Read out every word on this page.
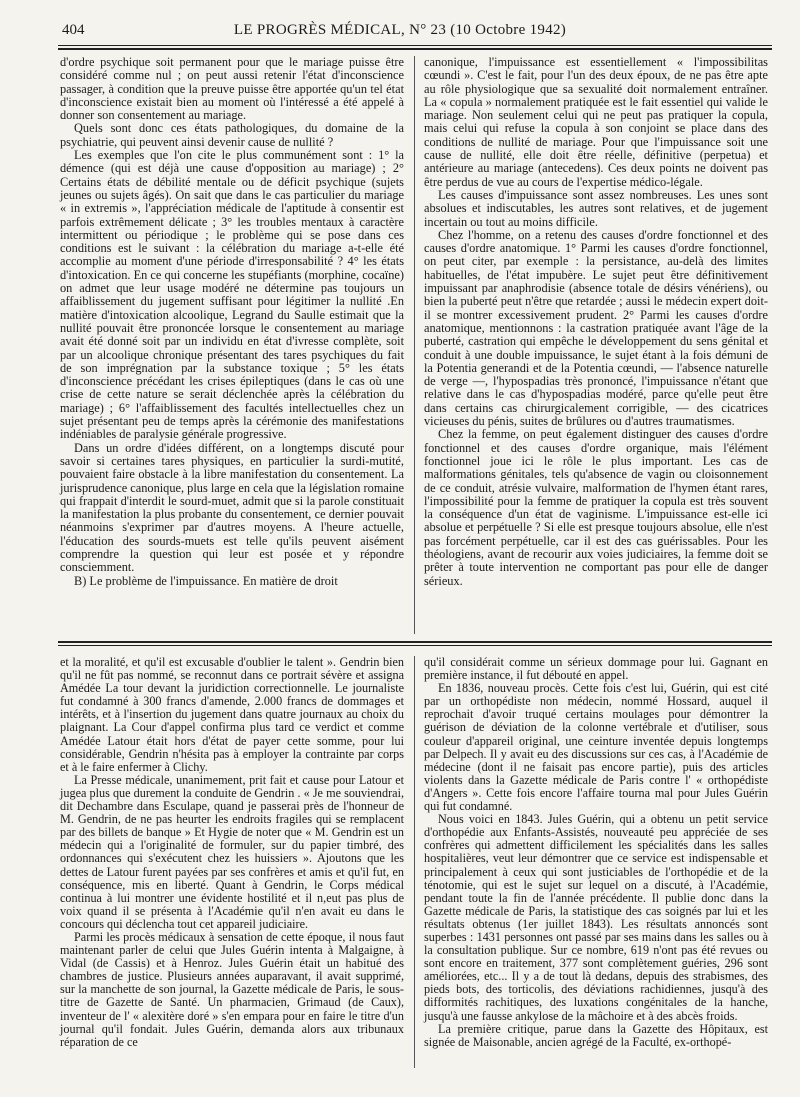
404	LE PROGRÈS MÉDICAL, N° 23 (10 Octobre 1942)

d'ordre psychique soit permanent pour que le mariage puisse être considéré comme nul ; on peut aussi retenir l'état d'inconscience passager, à condition que la preuve puisse être apportée qu'un tel état d'inconscience existait bien au moment où l'intéressé a été appelé à donner son consentement au mariage.

Quels sont donc ces états pathologiques, du domaine de la psychiatrie, qui peuvent ainsi devenir cause de nullité ?

Les exemples que l'on cite le plus communément sont : 1° la démence (qui est déjà une cause d'opposition au mariage) ; 2° Certains états de débilité mentale ou de déficit psychique (sujets jeunes ou sujets âgés). On sait que dans le cas particulier du mariage « in extremis », l'appréciation médicale de l'aptitude à consentir est parfois extrêmement délicate ; 3° les troubles mentaux à caractère intermittent ou périodique ; le problème qui se pose dans ces conditions est le suivant : la célébration du mariage a-t-elle été accomplie au moment d'une période d'irresponsabilité ? 4° les états d'intoxication. En ce qui concerne les stupéfiants (morphine, cocaïne) on admet que leur usage modéré ne détermine pas toujours un affaiblissement du jugement suffisant pour légitimer la nullité .En matière d'intoxication alcoolique, Legrand du Saulle estimait que la nullité pouvait être prononcée lorsque le consentement au mariage avait été donné soit par un individu en état d'ivresse complète, soit par un alcoolique chronique présentant des tares psychiques du fait de son imprégnation par la substance toxique ; 5° les états d'inconscience précédant les crises épileptiques (dans le cas où une crise de cette nature se serait déclenchée après la célébration du mariage) ; 6° l'affaiblissement des facultés intellectuelles chez un sujet présentant peu de temps après la cérémonie des manifestations indéniables de paralysie générale progressive.

Dans un ordre d'idées différent, on a longtemps discuté pour savoir si certaines tares physiques, en particulier la surdi-mutité, pouvaient faire obstacle à la libre manifestation du consentement. La jurisprudence canonique, plus large en cela que la législation romaine qui frappait d'interdit le sourd-muet, admit que si la parole constituait la manifestation la plus probante du consentement, ce dernier pouvait néanmoins s'exprimer par d'autres moyens. A l'heure actuelle, l'éducation des sourds-muets est telle qu'ils peuvent aisément comprendre la question qui leur est posée et y répondre consciemment.

B) Le problème de l'impuissance. En matière de droit

canonique, l'impuissance est essentiellement « l'impossibilitas cœundi ». C'est le fait, pour l'un des deux époux, de ne pas être apte au rôle physiologique que sa sexualité doit normalement entraîner. La « copula » normalement pratiquée est le fait essentiel qui valide le mariage. Non seulement celui qui ne peut pas pratiquer la copula, mais celui qui refuse la copula à son conjoint se place dans des conditions de nullité de mariage. Pour que l'impuissance soit une cause de nullité, elle doit être réelle, définitive (perpetua) et antérieure au mariage (antecedens). Ces deux points ne doivent pas être perdus de vue au cours de l'expertise médico-légale.

Les causes d'impuissance sont assez nombreuses. Les unes sont absolues et indiscutables, les autres sont relatives, et de jugement incertain ou tout au moins difficile.

Chez l'homme, on a retenu des causes d'ordre fonctionnel et des causes d'ordre anatomique. 1° Parmi les causes d'ordre fonctionnel, on peut citer, par exemple : la persistance, au-delà des limites habituelles, de l'état impubère. Le sujet peut être définitivement impuissant par anaphrodisie (absence totale de désirs vénériens), ou bien la puberté peut n'être que retardée ; aussi le médecin expert doit-il se montrer excessivement prudent. 2° Parmi les causes d'ordre anatomique, mentionnons : la castration pratiquée avant l'âge de la puberté, castration qui empêche le développement du sens génital et conduit à une double impuissance, le sujet étant à la fois démuni de la Potentia generandi et de la Potentia cœundi, — l'absence naturelle de verge —, l'hypospadias très prononcé, l'impuissance n'étant que relative dans le cas d'hypospadias modéré, parce qu'elle peut être dans certains cas chirurgicalement corrigible, — des cicatrices vicieuses du pénis, suites de brûlures ou d'autres traumatismes.

Chez la femme, on peut également distinguer des causes d'ordre fonctionnel et des causes d'ordre organique, mais l'élément fonctionnel joue ici le rôle le plus important. Les cas de malformations génitales, tels qu'absence de vagin ou cloisonnement de ce conduit, atrésie vulvaire, malformation de l'hymen étant rares, l'impossibilité pour la femme de pratiquer la copula est très souvent la conséquence d'un état de vaginisme. L'impuissance est-elle ici absolue et perpétuelle ? Si elle est presque toujours absolue, elle n'est pas forcément perpétuelle, car il est des cas guérissables. Pour les théologiens, avant de recourir aux voies judiciaires, la femme doit se prêter à toute intervention ne comportant pas pour elle de danger sérieux.

et la moralité, et qu'il est excusable d'oublier le talent ». Gendrin bien qu'il ne fût pas nommé, se reconnut dans ce portrait sévère et assigna Amédée La tour devant la juridiction correctionnelle. Le journaliste fut condamné à 300 francs d'amende, 2.000 francs de dommages et intérêts, et à l'insertion du jugement dans quatre journaux au choix du plaignant. La Cour d'appel confirma plus tard ce verdict et comme Amédée Latour était hors d'état de payer cette somme, pour lui considérable, Gendrin n'hésita pas à employer la contrainte par corps et à le faire enfermer à Clichy.

La Presse médicale, unanimement, prit fait et cause pour Latour et jugea plus que durement la conduite de Gendrin . « Je me souviendrai, dit Dechambre dans Esculape, quand je passerai près de l'honneur de M. Gendrin, de ne pas heurter les endroits fragiles qui se remplacent par des billets de banque » Et Hygie de noter que « M. Gendrin est un médecin qui a l'originalité de formuler, sur du papier timbré, des ordonnances qui s'exécutent chez les huissiers ». Ajoutons que les dettes de Latour furent payées par ses confrères et amis et qu'il fut, en conséquence, mis en liberté. Quant à Gendrin, le Corps médical continua à lui montrer une évidente hostilité et il n,eut pas plus de voix quand il se présenta à l'Académie qu'il n'en avait eu dans le concours qui déclencha tout cet appareil judiciaire.

Parmi les procès médicaux à sensation de cette époque, il nous faut maintenant parler de celui que Jules Guérin intenta à Malgaigne, à Vidal (de Cassis) et à Henroz. Jules Guérin était un habitué des chambres de justice. Plusieurs années auparavant, il avait supprimé, sur la manchette de son journal, la Gazette médicale de Paris, le sous-titre de Gazette de Santé. Un pharmacien, Grimaud (de Caux), inventeur de l' « alexitère doré » s'en empara pour en faire le titre d'un journal qu'il fondait. Jules Guérin, demanda alors aux tribunaux réparation de ce

qu'il considérait comme un sérieux dommage pour lui. Gagnant en première instance, il fut débouté en appel.

En 1836, nouveau procès. Cette fois c'est lui, Guérin, qui est cité par un orthopédiste non médecin, nommé Hossard, auquel il reprochait d'avoir truqué certains moulages pour démontrer la guérison de déviation de la colonne vertébrale et d'utiliser, sous couleur d'appareil original, une ceinture inventée depuis longtemps par Delpech. Il y avait eu des discussions sur ces cas, à l'Académie de médecine (dont il ne faisait pas encore partie), puis des articles violents dans la Gazette médicale de Paris contre l' « orthopédiste d'Angers ». Cette fois encore l'affaire tourna mal pour Jules Guérin qui fut condamné.

Nous voici en 1843. Jules Guérin, qui a obtenu un petit service d'orthopédie aux Enfants-Assistés, nouveauté peu appréciée de ses confrères qui admettent difficilement les spécialités dans les salles hospitalières, veut leur démontrer que ce service est indispensable et principalement à ceux qui sont justiciables de l'orthopédie et de la ténotomie, qui est le sujet sur lequel on a discuté, à l'Académie, pendant toute la fin de l'année précédente. Il publie donc dans la Gazette médicale de Paris, la statistique des cas soignés par lui et les résultats obtenus (1er juillet 1843). Les résultats annoncés sont superbes : 1431 personnes ont passé par ses mains dans les salles ou à la consultation publique. Sur ce nombre, 619 n'ont pas été revues ou sont encore en traitement, 377 sont complètement guéries, 296 sont améliorées, etc... Il y a de tout là dedans, depuis des strabismes, des pieds bots, des torticolis, des déviations rachidiennes, jusqu'à des difformités rachitiques, des luxations congénitales de la hanche, jusqu'à une fausse ankylose de la mâchoire et à des abcès froids.

La première critique, parue dans la Gazette des Hôpitaux, est signée de Maisonable, ancien agrégé de la Faculté, ex-orthopé-
